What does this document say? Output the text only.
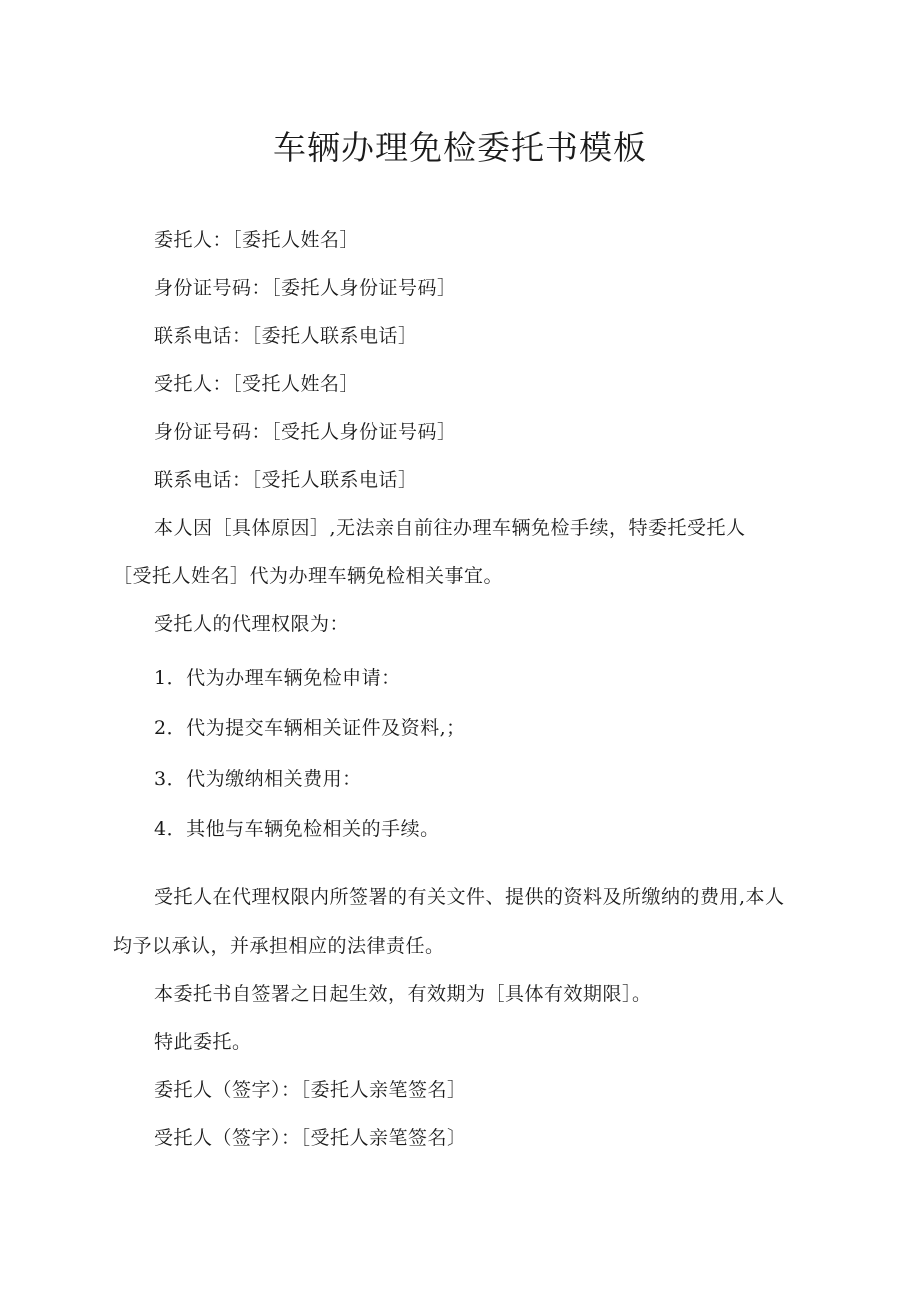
车辆办理免检委托书模板
委托人：［委托人姓名］
身份证号码：［委托人身份证号码］
联系电话：［委托人联系电话］
受托人：［受托人姓名］
身份证号码：［受托人身份证号码］
联系电话：［受托人联系电话］
本人因［具体原因］,无法亲自前往办理车辆免检手续，特委托受托人
［受托人姓名］代为办理车辆免检相关事宜。
受托人的代理权限为：
1．代为办理车辆免检申请：
2．代为提交车辆相关证件及资料,；
3．代为缴纳相关费用：
4．其他与车辆免检相关的手续。
受托人在代理权限内所签署的有关文件、提供的资料及所缴纳的费用,本人
均予以承认，并承担相应的法律责任。
本委托书自签署之日起生效，有效期为［具体有效期限］。
特此委托。
委托人（签字）：［委托人亲笔签名］
受托人（签字）：［受托人亲笔签名〕
